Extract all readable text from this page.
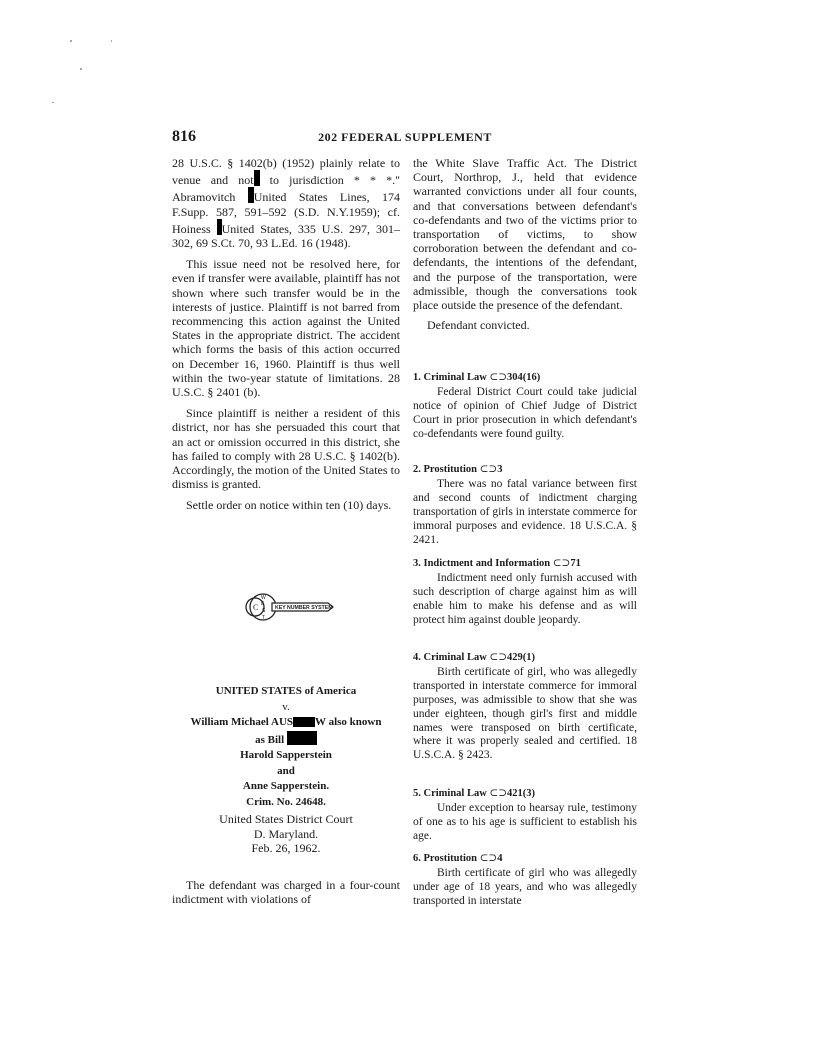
816	202 FEDERAL SUPPLEMENT

28 U.S.C. § 1402(b) (1952) plainly relate to venue and not to jurisdiction * * *." Abramovitch United States Lines, 174 F.Supp. 587, 591–592 (S.D. N.Y.1959); cf. Hoiness United States, 335 U.S. 297, 301–302, 69 S.Ct. 70, 93 L.Ed. 16 (1948).

This issue need not be resolved here, for even if transfer were available, plaintiff has not shown where such transfer would be in the interests of justice. Plaintiff is not barred from recommencing this action against the United States in the appropriate district. The accident which forms the basis of this action occurred on December 16, 1960. Plaintiff is thus well within the two-year statute of limitations. 28 U.S.C. § 2401 (b).

Since plaintiff is neither a resident of this district, nor has she persuaded this court that an act or omission occurred in this district, she has failed to comply with 28 U.S.C. § 1402(b). Accordingly, the motion of the United States to dismiss is granted.

Settle order on notice within ten (10) days.

C
W
E
S
T
KEY NUMBER SYSTEM
UNITED STATES of America
v.
William Michael AUS W also known
as Bill
Harold Sapperstein
and
Anne Sapperstein.
Crim. No. 24648.
United States District Court
D. Maryland.
Feb. 26, 1962.

The defendant was charged in a four-count indictment with violations of

the White Slave Traffic Act. The District Court, Northrop, J., held that evidence warranted convictions under all four counts, and that conversations between defendant's co-defendants and two of the victims prior to transportation of victims, to show corroboration between the defendant and co-defendants, the intentions of the defendant, and the purpose of the transportation, were admissible, though the conversations took place outside the presence of the defendant.

Defendant convicted.

1. Criminal Law ⊂⊃304(16)
Federal District Court could take judicial notice of opinion of Chief Judge of District Court in prior prosecution in which defendant's co-defendants were found guilty.
2. Prostitution ⊂⊃3
There was no fatal variance between first and second counts of indictment charging transportation of girls in interstate commerce for immoral purposes and evidence. 18 U.S.C.A. § 2421.
3. Indictment and Information ⊂⊃71
Indictment need only furnish accused with such description of charge against him as will enable him to make his defense and as will protect him against double jeopardy.
4. Criminal Law ⊂⊃429(1)
Birth certificate of girl, who was allegedly transported in interstate commerce for immoral purposes, was admissible to show that she was under eighteen, though girl's first and middle names were transposed on birth certificate, where it was properly sealed and certified. 18 U.S.C.A. § 2423.
5. Criminal Law ⊂⊃421(3)
Under exception to hearsay rule, testimony of one as to his age is sufficient to establish his age.
6. Prostitution ⊂⊃4
Birth certificate of girl who was allegedly under age of 18 years, and who was allegedly transported in interstate
